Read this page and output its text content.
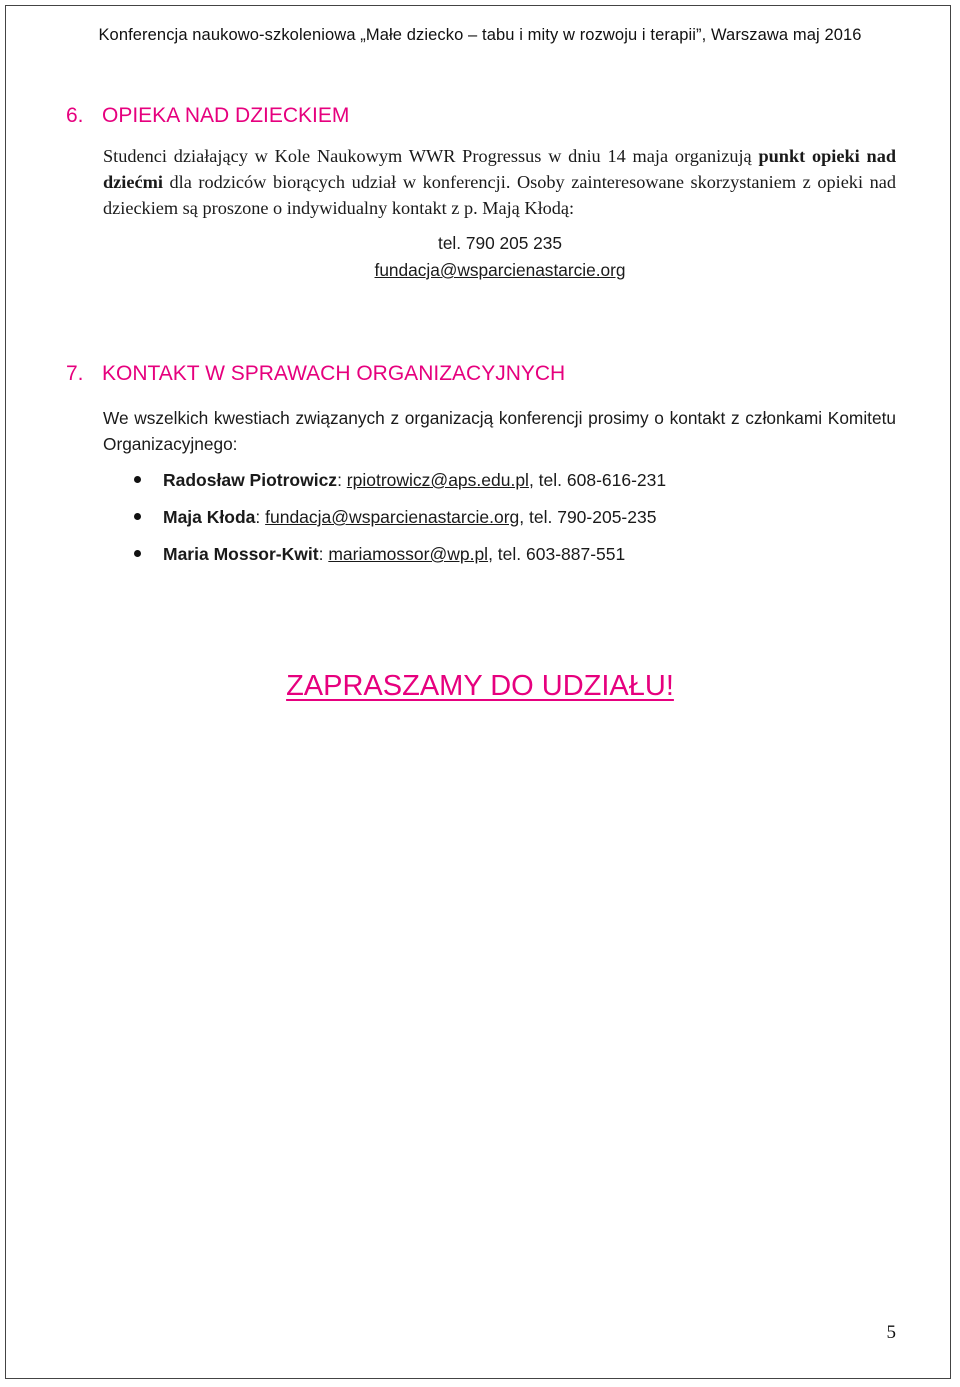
Konferencja naukowo-szkoleniowa „Małe dziecko – tabu i mity w rozwoju i terapii”, Warszawa maj 2016
6. OPIEKA NAD DZIECKIEM
Studenci działający w Kole Naukowym WWR Progressus w dniu 14 maja organizują punkt opieki nad dziećmi dla rodziców biorących udział w konferencji. Osoby zainteresowane skorzystaniem z opieki nad dzieckiem są proszone o indywidualny kontakt z p. Mają Kłodą:
tel. 790 205 235
fundacja@wsparcienastarcie.org
7. KONTAKT W SPRAWACH ORGANIZACYJNYCH
We wszelkich kwestiach związanych z organizacją konferencji prosimy o kontakt z członkami Komitetu Organizacyjnego:
Radosław Piotrowicz: rpiotrowicz@aps.edu.pl, tel. 608-616-231
Maja Kłoda: fundacja@wsparcienastarcie.org, tel. 790-205-235
Maria Mossor-Kwit: mariamossor@wp.pl, tel. 603-887-551
ZAPRASZAMY DO UDZIAŁU!
5
